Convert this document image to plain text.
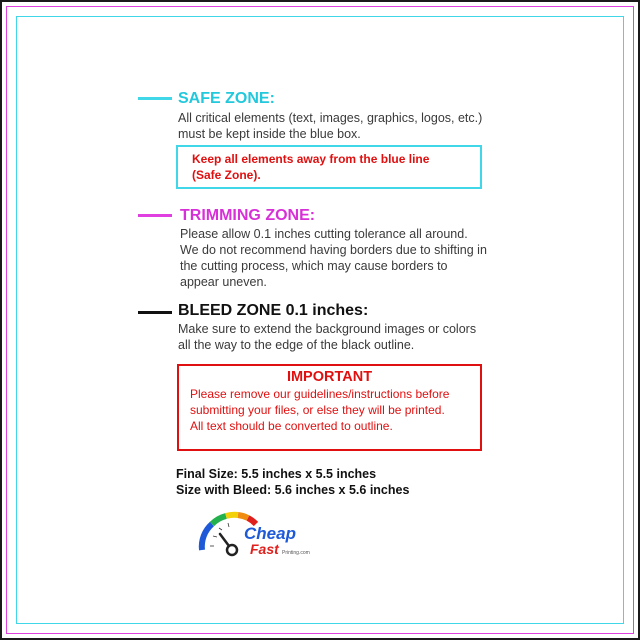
SAFE ZONE:
All critical elements (text, images, graphics, logos, etc.)
must be kept inside the blue box.
Keep all elements away from the blue line
(Safe Zone).
TRIMMING ZONE:
Please allow 0.1 inches cutting tolerance all around.
We do not recommend having borders due to shifting in
the cutting process, which may cause borders to
appear uneven.
BLEED ZONE 0.1 inches:
Make sure to extend the background images or colors
all the way to the edge of the black outline.
IMPORTANT
Please remove our guidelines/instructions before
submitting your files, or else they will be printed.
All text should be converted to outline.
Final Size: 5.5 inches x 5.5 inches
Size with Bleed: 5.6 inches x 5.6 inches
Cheap
Fast Printing.com
